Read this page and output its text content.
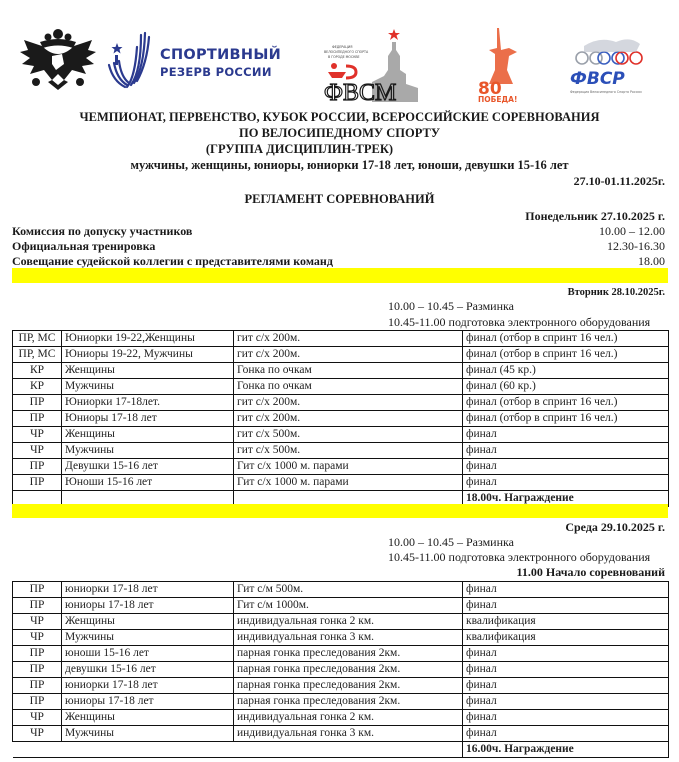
СПОРТИВНЫЙ
РЕЗЕРВ РОССИИ
ФЕДЕРАЦИЯ
ВЕЛОСИПЕДНОГО СПОРТА
В ГОРОДЕ МОСКВЕ
ФВСМ	80
ПОБЕДА!
ФВСР
Федерация Велосипедного Спорта России
ЧЕМПИОНАТ, ПЕРВЕНСТВО, КУБОК РОССИИ, ВСЕРОССИЙСКИЕ СОРЕВНОВАНИЯ
ПО ВЕЛОСИПЕДНОМУ СПОРТУ
(ГРУППА ДИСЦИПЛИН-ТРЕК)
мужчины, женщины, юниоры, юниорки 17-18 лет, юноши, девушки 15-16 лет
27.10-01.11.2025г.
РЕГЛАМЕНТ СОРЕВНОВАНИЙ
Понедельник 27.10.2025 г.
Комиссия по допуску участников	10.00 – 12.00
Официальная тренировка	12.30-16.30
Совещание судейской коллегии с представителями команд	18.00
Вторник 28.10.2025г.
10.00 – 10.45 – Разминка
10.45-11.00 подготовка электронного оборудования
ПР, МС	Юниорки 19-22,Женщины	гит с/х 200м.	финал (отбор в спринт 16 чел.)
ПР, МС	Юниоры 19-22, Мужчины	гит с/х 200м.	финал (отбор в спринт 16 чел.)
КР	Женщины	Гонка по очкам	финал (45 кр.)
КР	Мужчины	Гонка по очкам	финал (60 кр.)
ПР	Юниорки 17-18лет.	гит с/х 200м.	финал (отбор в спринт 16 чел.)
ПР	Юниоры 17-18 лет	гит с/х 200м.	финал (отбор в спринт 16 чел.)
ЧР	Женщины	гит с/х 500м.	финал
ЧР	Мужчины	гит с/х 500м.	финал
ПР	Девушки 15-16 лет	Гит с/х 1000 м. парами	финал
ПР	Юноши 15-16 лет	Гит с/х 1000 м. парами	финал
			18.00ч. Награждение
Среда 29.10.2025 г.
10.00 – 10.45 – Разминка
10.45-11.00 подготовка электронного оборудования
11.00 Начало соревнований
ПР	юниорки 17-18 лет	Гит с/м 500м.	финал
ПР	юниоры 17-18 лет	Гит с/м 1000м.	финал
ЧР	Женщины	индивидуальная гонка 2 км.	квалификация
ЧР	Мужчины	индивидуальная гонка 3 км.	квалификация
ПР	юноши 15-16 лет	парная гонка преследования 2км.	финал
ПР	девушки 15-16 лет	парная гонка преследования 2км.	финал
ПР	юниорки 17-18 лет	парная гонка преследования 2км.	финал
ПР	юниоры 17-18 лет	парная гонка преследования 2км.	финал
ЧР	Женщины	индивидуальная гонка 2 км.	финал
ЧР	Мужчины	индивидуальная гонка 3 км.	финал
			16.00ч. Награждение
